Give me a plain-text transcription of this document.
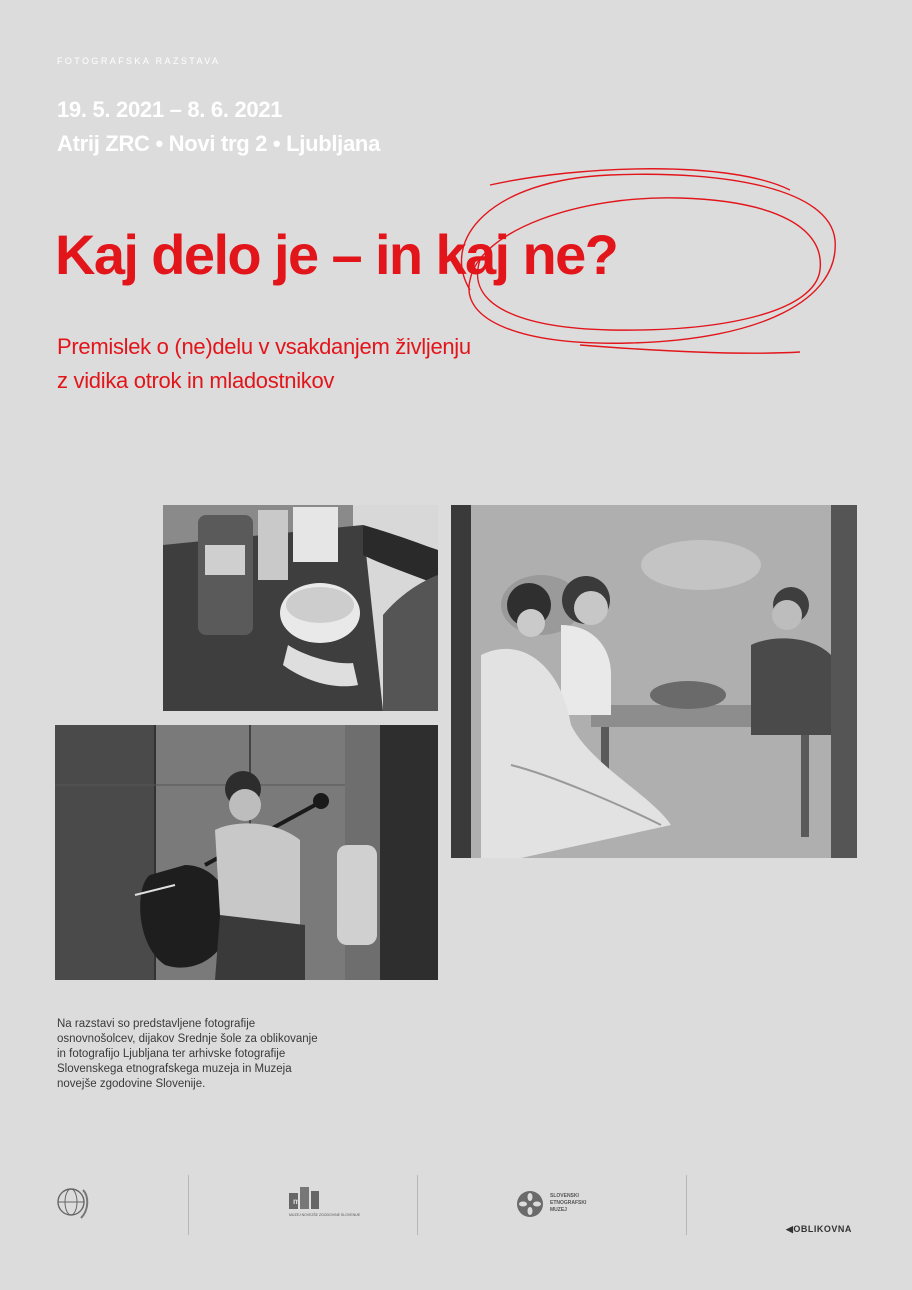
FOTOGRAFSKA RAZSTAVA
19. 5. 2021 – 8. 6. 2021
Atrij ZRC • Novi trg 2 • Ljubljana
Kaj delo je – in kaj ne?
Premislek o (ne)delu v vsakdanjem življenju
z vidika otrok in mladostnikov
Na razstavi so predstavljene fotografije
osnovnošolcev, dijakov Srednje šole za oblikovanje
in fotografijo Ljubljana ter arhivske fotografije
Slovenskega etnografskega muzeja in Muzeja
novejše zgodovine Slovenije.
m
MUZEJ NOVEJŠE ZGODOVINE SLOVENIJE
SLOVENSKI
ETNOGRAFSKI
MUZEJ
◀OBLIKOVNA
